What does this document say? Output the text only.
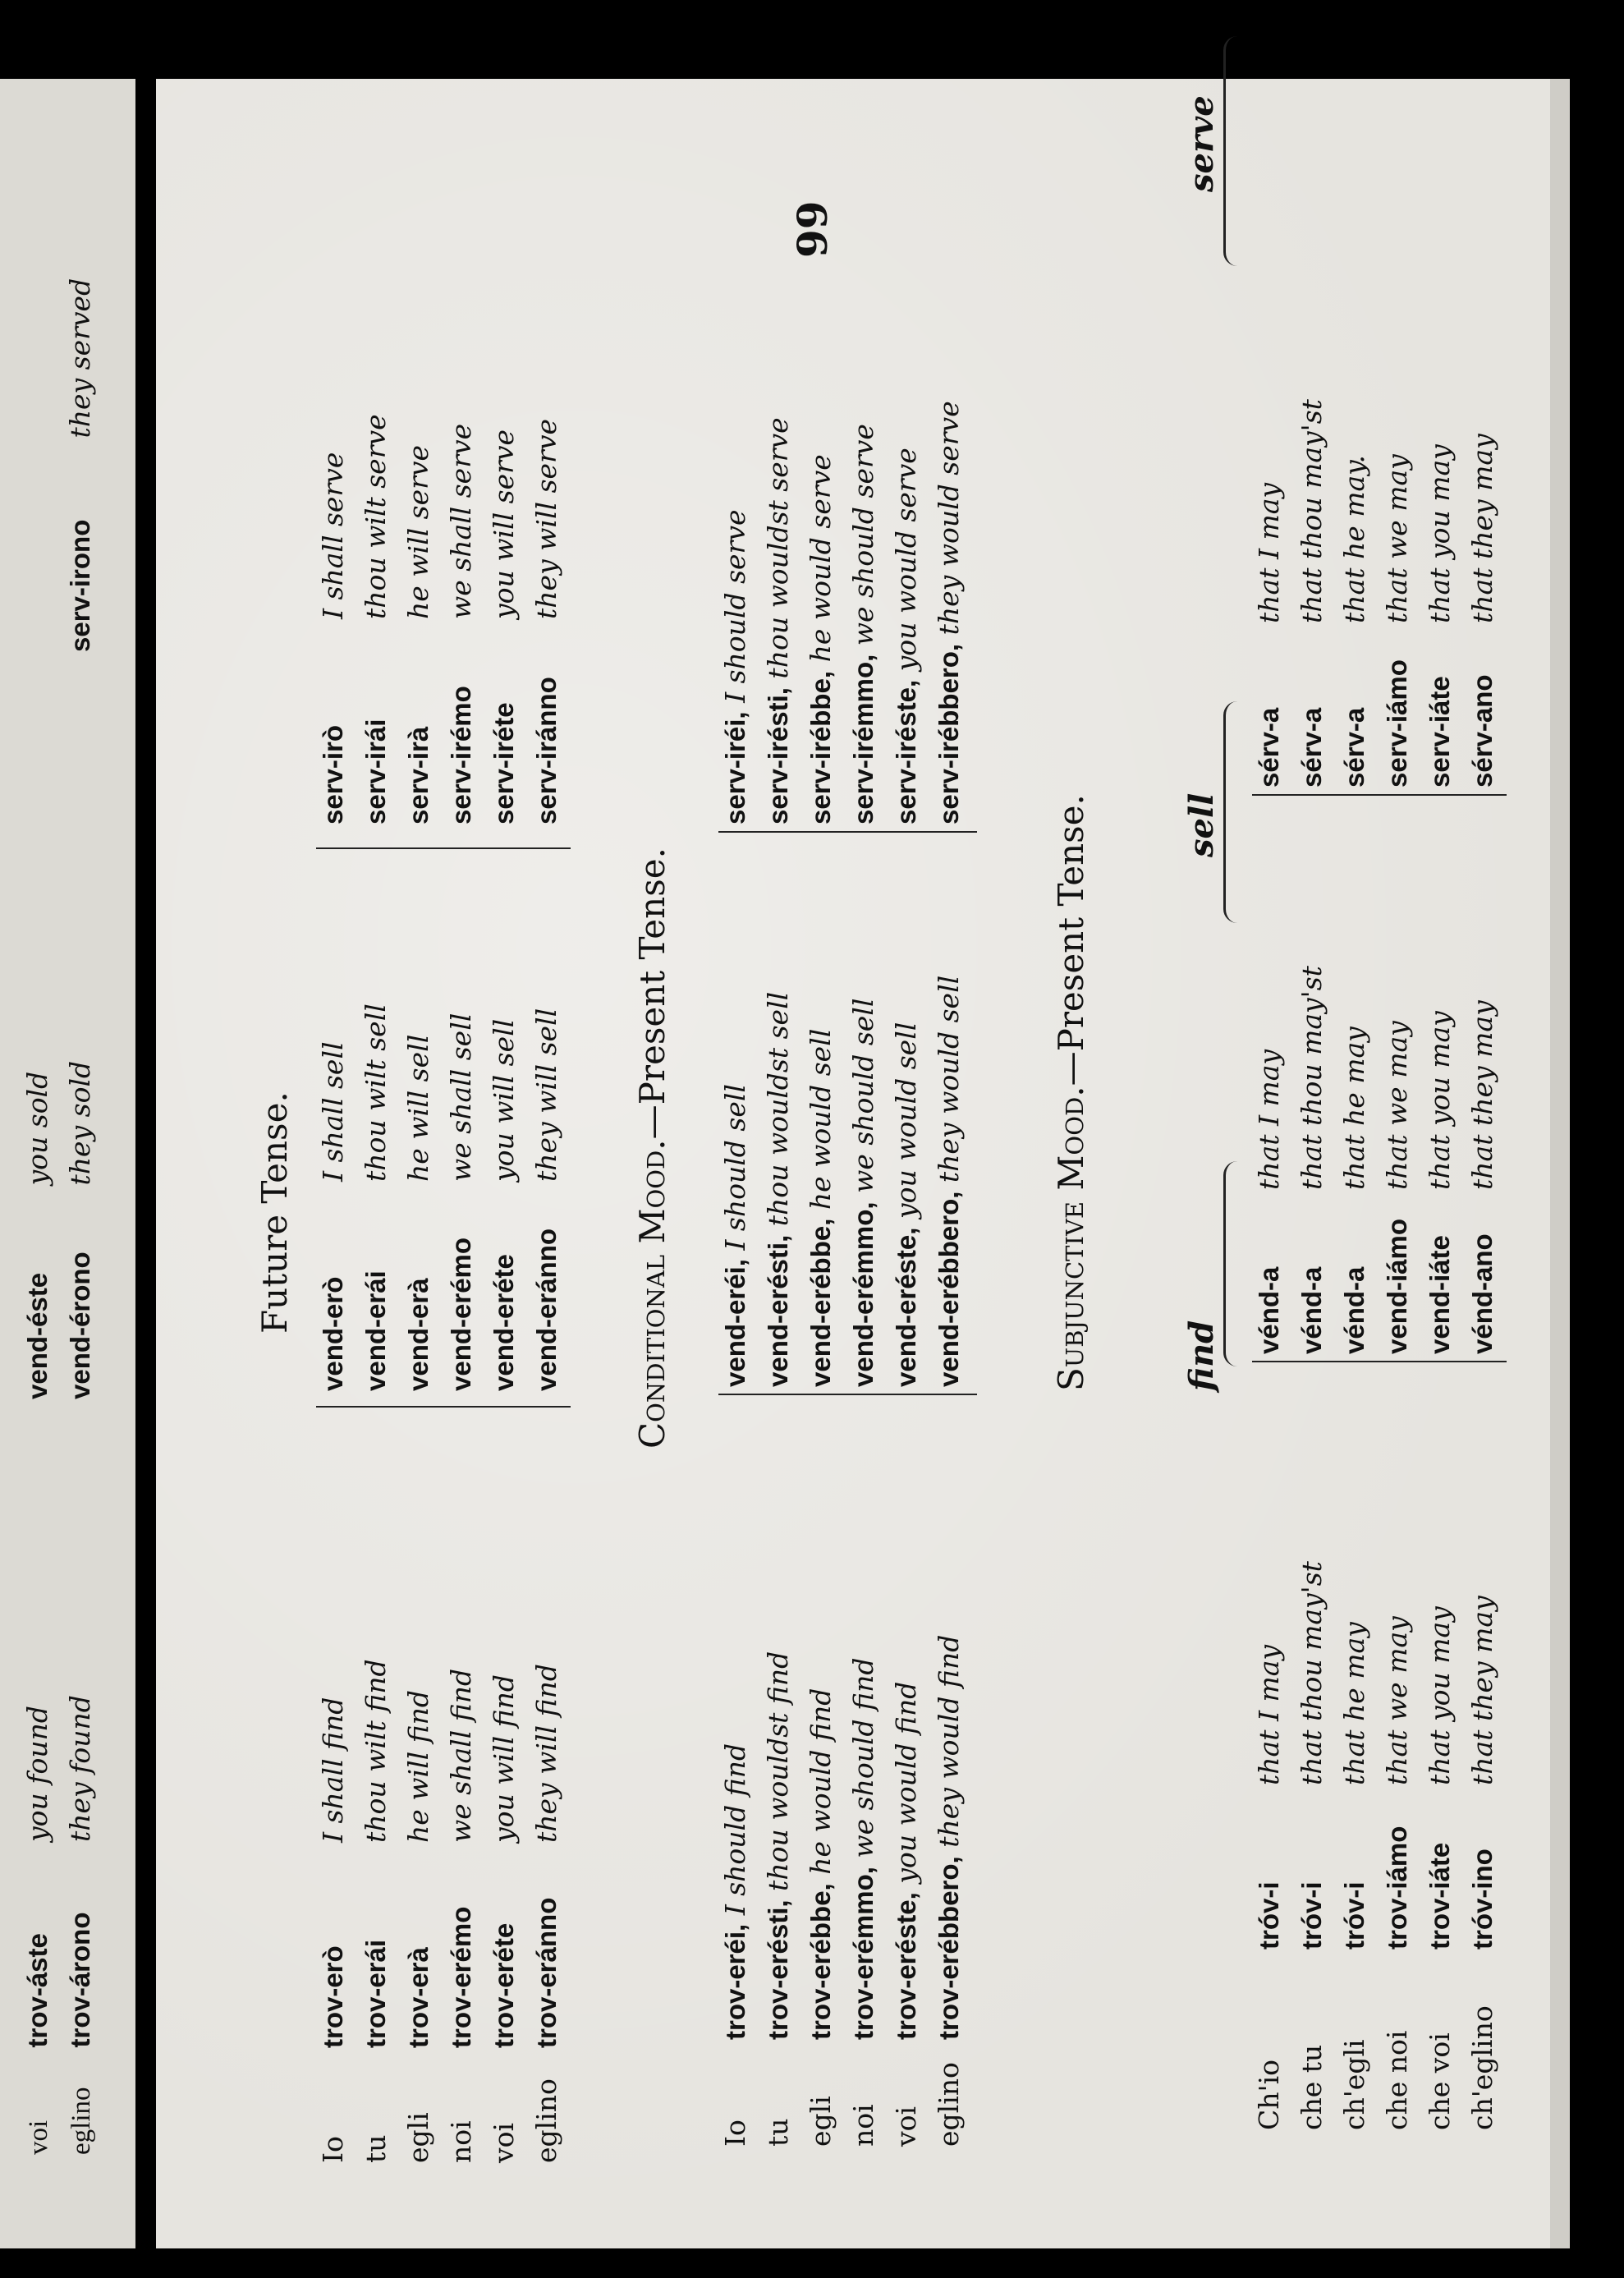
voi trov-áste you found
eglino trov-árono they found
vend-éste you sold
vend-érono they sold
serv-irono they served
99
Future Tense.
Io tu egli noi voi eglino
trov-eròI shall find
trov-eráithou wilt find
trov-eràhe will find
trov-erémowe shall find
trov-eréteyou will find
trov-eránnothey will find
vend-eròI shall sell
vend-eráithou wilt sell
vend-eràhe will sell
vend-erémowe shall sell
vend-eréteyou will sell
vend-eránnothey will sell
serv-iròI shall serve
serv-iráithou wilt serve
serv-iràhe will serve
serv-irémowe shall serve
serv-iréteyou will serve
serv-iránnothey will serve
Conditional Mood.—Present Tense.
Io tu egli noi voi eglino
trov-eréi, I should find
trov-erésti, thou wouldst find
trov-erébbe, he would find
trov-erémmo, we should find
trov-eréste, you would find
trov-erébbero, they would find
vend-eréi, I should sell
vend-erésti, thou wouldst sell
vend-erébbe, he would sell
vend-erémmo, we should sell
vend-eréste, you would sell
vend-erébbero, they would sell
serv-iréi, I should serve
serv-irésti, thou wouldst serve
serv-irébbe, he would serve
serv-irémmo, we should serve
serv-iréste, you would serve
serv-irébbero, they would serve
Subjunctive Mood.—Present Tense.
find
sell
serve
Ch'io che tu ch'egli che noi che voi ch'eglino
tróv-ithat I may
tróv-ithat thou may'st
tróv-ithat he may
trov-iámothat we may
trov-iátethat you may
tróv-inothat they may
vénd-athat I may
vénd-athat thou may'st
vénd-athat he may
vend-iámothat we may
vend-iátethat you may
vénd-anothat they may
sérv-athat I may
sérv-athat thou may'st
sérv-athat he may.
serv-iámothat we may
serv-iátethat you may
sérv-anothat they may
